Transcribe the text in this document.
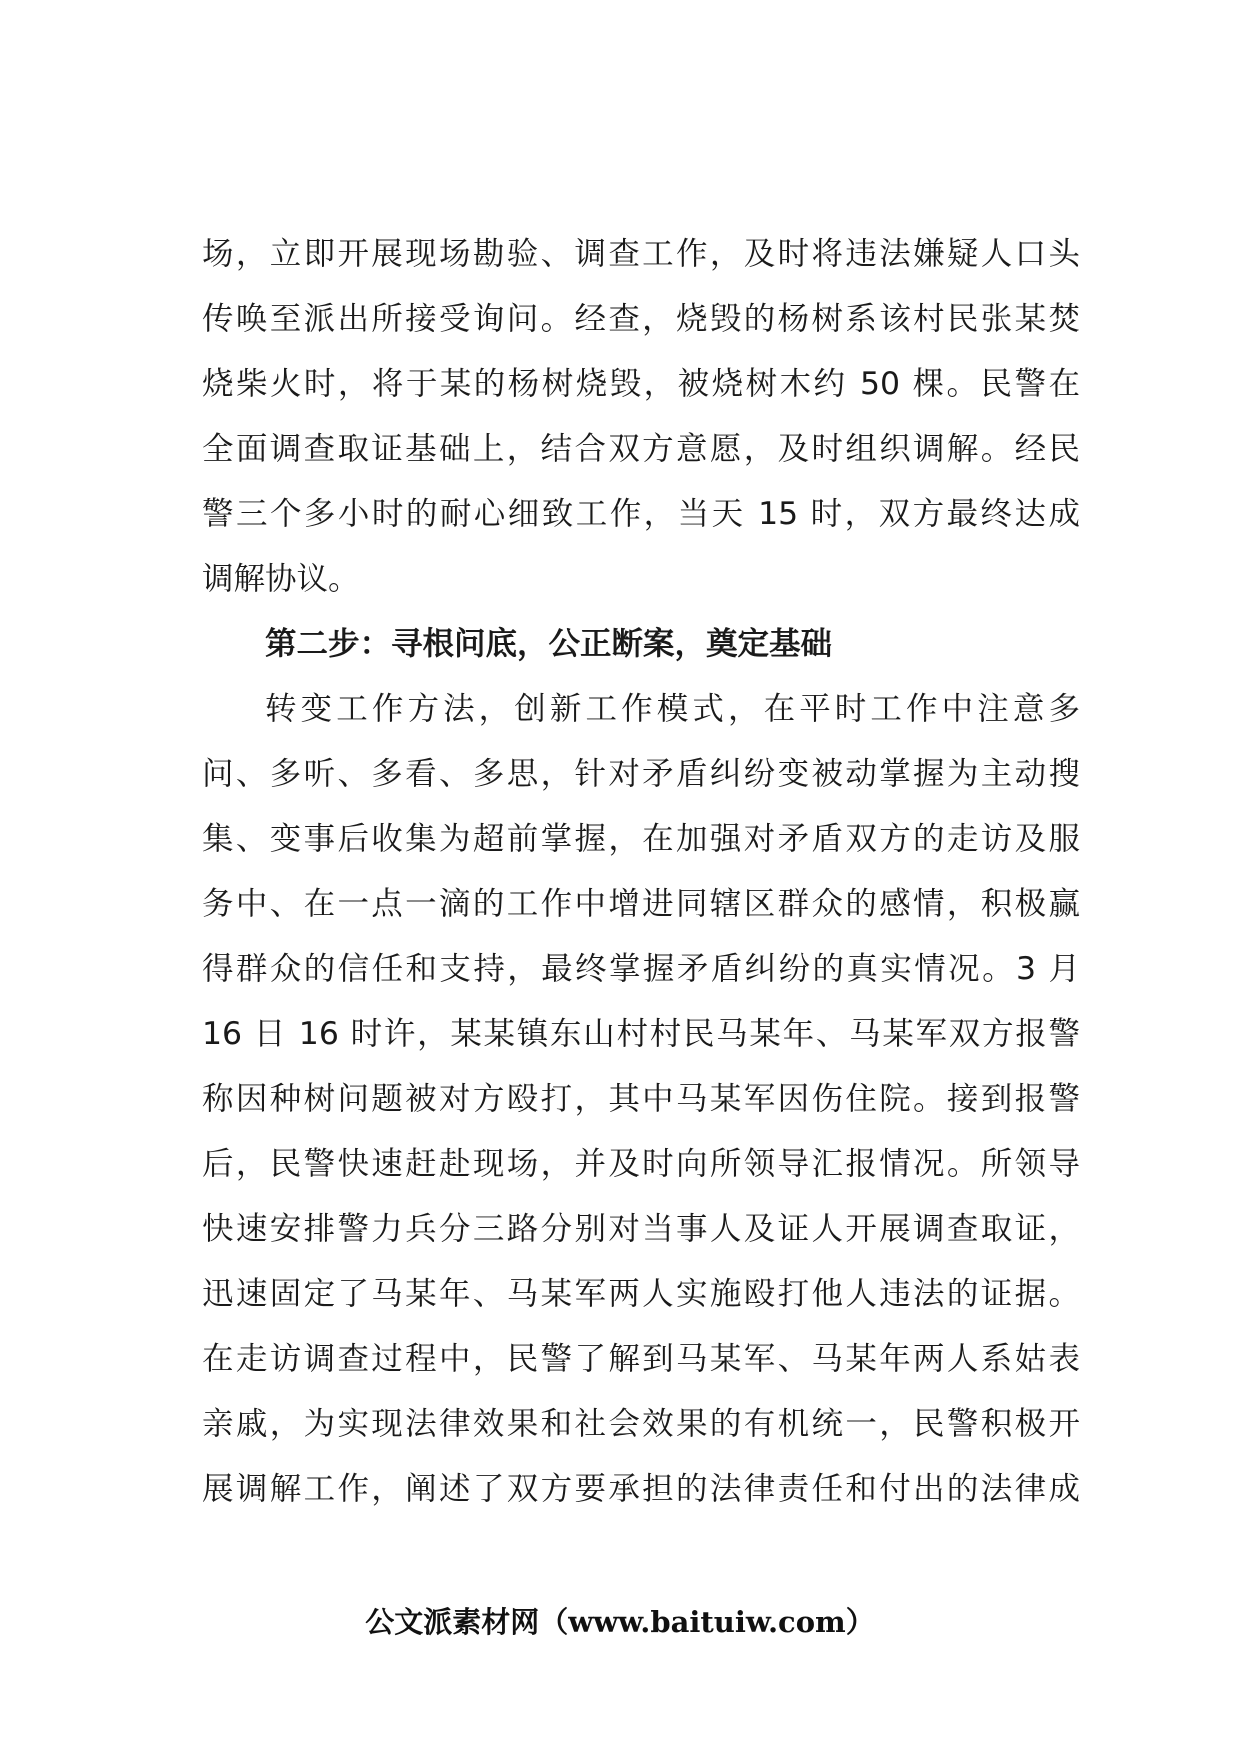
场，立即开展现场勘验、调查工作，及时将违法嫌疑人口头
传唤至派出所接受询问。经查，烧毁的杨树系该村民张某焚
烧柴火时，将于某的杨树烧毁，被烧树木约 50 棵。民警在
全面调查取证基础上，结合双方意愿，及时组织调解。经民
警三个多小时的耐心细致工作，当天 15 时，双方最终达成
调解协议。
第二步：寻根问底，公正断案，奠定基础
转变工作方法，创新工作模式，在平时工作中注意多
问、多听、多看、多思，针对矛盾纠纷变被动掌握为主动搜
集、变事后收集为超前掌握，在加强对矛盾双方的走访及服
务中、在一点一滴的工作中增进同辖区群众的感情，积极赢
得群众的信任和支持，最终掌握矛盾纠纷的真实情况。3 月
16 日 16 时许，某某镇东山村村民马某年、马某军双方报警
称因种树问题被对方殴打，其中马某军因伤住院。接到报警
后，民警快速赶赴现场，并及时向所领导汇报情况。所领导
快速安排警力兵分三路分别对当事人及证人开展调查取证，
迅速固定了马某年、马某军两人实施殴打他人违法的证据。
在走访调查过程中，民警了解到马某军、马某年两人系姑表
亲戚，为实现法律效果和社会效果的有机统一，民警积极开
展调解工作，阐述了双方要承担的法律责任和付出的法律成
公文派素材网（www.baituiw.com）
